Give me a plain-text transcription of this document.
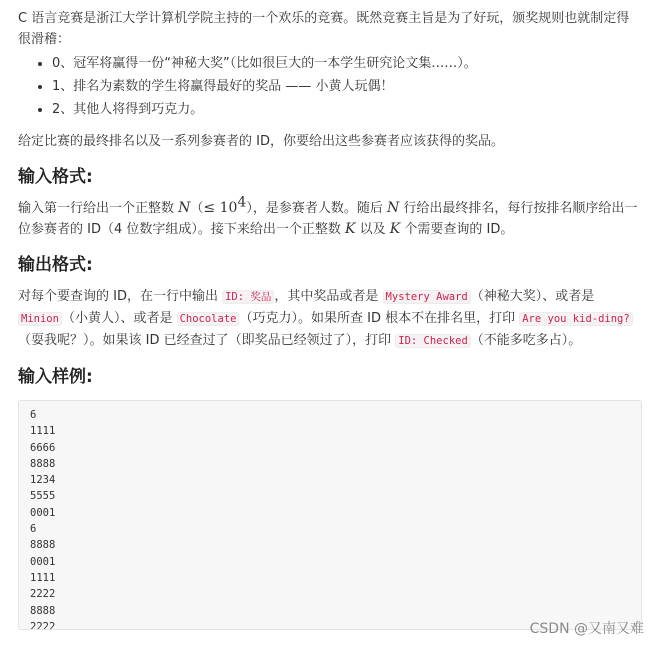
C 语言竞赛是浙江大学计算机学院主持的一个欢乐的竞赛。既然竞赛主旨是为了好玩，颁奖规则也就制定得很滑稽：

• 0、冠军将赢得一份“神秘大奖”（比如很巨大的一本学生研究论文集……）。
• 1、排名为素数的学生将赢得最好的奖品 —— 小黄人玩偶！
• 2、其他人将得到巧克力。

给定比赛的最终排名以及一系列参赛者的 ID，你要给出这些参赛者应该获得的奖品。

输入格式:

输入第一行给出一个正整数 $N(\le 10^4)$，是参赛者人数。随后 N 行给出最终排名，每行按排名顺序给出一位参赛者的 ID（4 位数字组成）。接下来给出一个正整数 K 以及 K 个需要查询的 ID。

输出格式:

对每个要查询的 ID，在一行中输出 ID: 奖品 ，其中奖品或者是 Mystery Award （神秘大奖）、或者是 Minion （小黄人）、或者是 Chocolate （巧克力）。如果所查 ID 根本不在排名里，打印 Are you kid-ding?（耍我呢？）。如果该 ID 已经查过了（即奖品已经领过了），打印 ID: Checked （不能多吃多占）。

输入样例:
6
1111
6666
8888
1234
5555
0001
6
8888
0001
1111
2222
8888
2222	CSDN @又南又难
